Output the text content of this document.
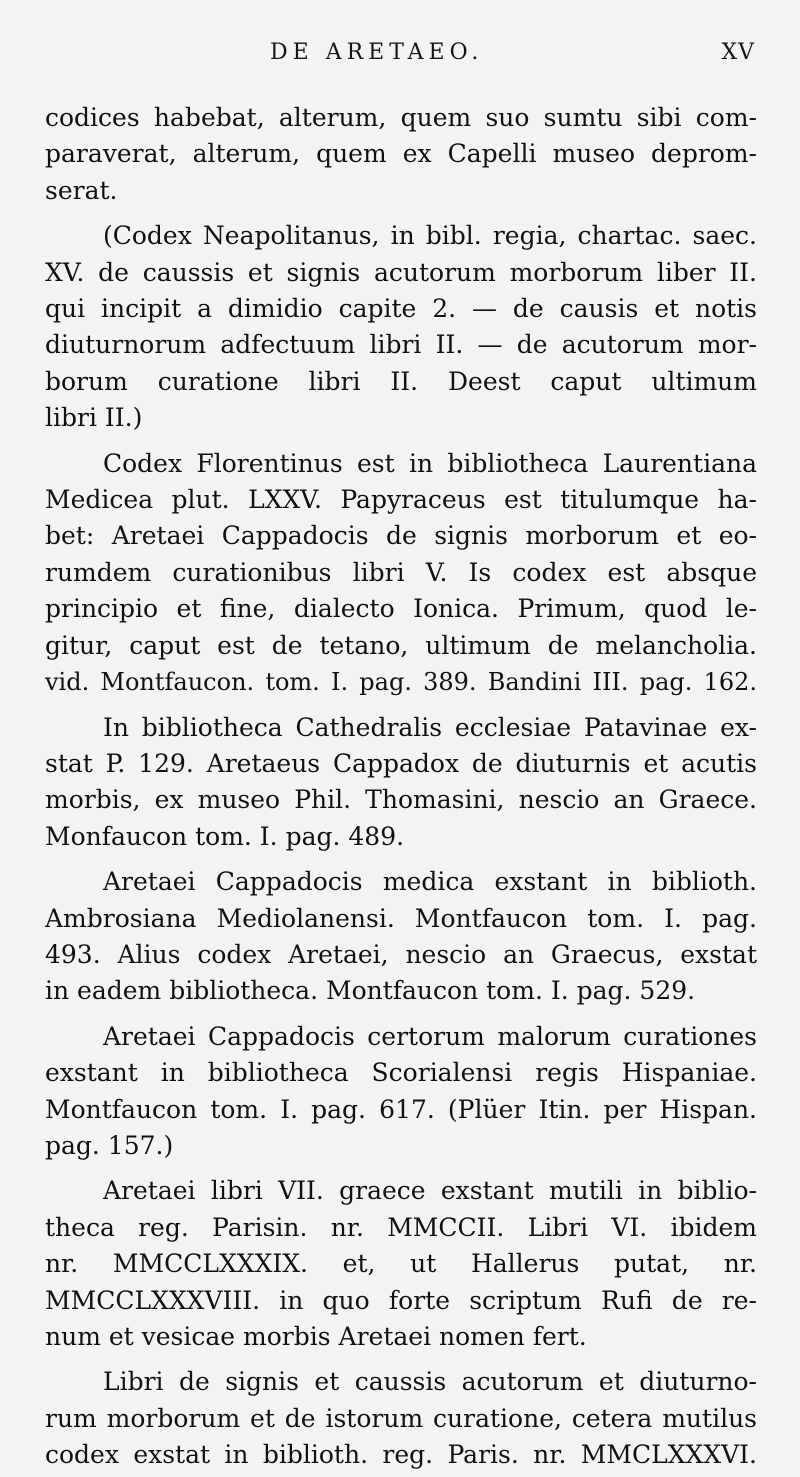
DE ARETAEO.	XV
codices habebat, alterum, quem suo sumtu sibi com-
paraverat, alterum, quem ex Capelli museo deprom-
serat.
(Codex Neapolitanus, in bibl. regia, chartac. saec.
XV. de caussis et signis acutorum morborum liber II.
qui incipit a dimidio capite 2. — de causis et notis
diuturnorum adfectuum libri II. — de acutorum mor-
borum curatione libri II. Deest caput ultimum
libri II.)
Codex Florentinus est in bibliotheca Laurentiana
Medicea plut. LXXV. Papyraceus est titulumque ha-
bet: Aretaei Cappadocis de signis morborum et eo-
rumdem curationibus libri V. Is codex est absque
principio et fine, dialecto Ionica. Primum, quod le-
gitur, caput est de tetano, ultimum de melancholia.
vid. Montfaucon. tom. I. pag. 389. Bandini III. pag. 162.
In bibliotheca Cathedralis ecclesiae Patavinae ex-
stat P. 129. Aretaeus Cappadox de diuturnis et acutis
morbis, ex museo Phil. Thomasini, nescio an Graece.
Monfaucon tom. I. pag. 489.
Aretaei Cappadocis medica exstant in biblioth.
Ambrosiana Mediolanensi. Montfaucon tom. I. pag.
493. Alius codex Aretaei, nescio an Graecus, exstat
in eadem bibliotheca. Montfaucon tom. I. pag. 529.
Aretaei Cappadocis certorum malorum curationes
exstant in bibliotheca Scorialensi regis Hispaniae.
Montfaucon tom. I. pag. 617. (Plüer Itin. per Hispan.
pag. 157.)
Aretaei libri VII. graece exstant mutili in biblio-
theca reg. Parisin. nr. MMCCII. Libri VI. ibidem
nr. MMCCLXXXIX. et, ut Hallerus putat, nr.
MMCCLXXXVIII. in quo forte scriptum Rufi de re-
num et vesicae morbis Aretaei nomen fert.
Libri de signis et caussis acutorum et diuturno-
rum morborum et de istorum curatione, cetera mutilus
codex exstat in biblioth. reg. Paris. nr. MMCLXXXVI.
